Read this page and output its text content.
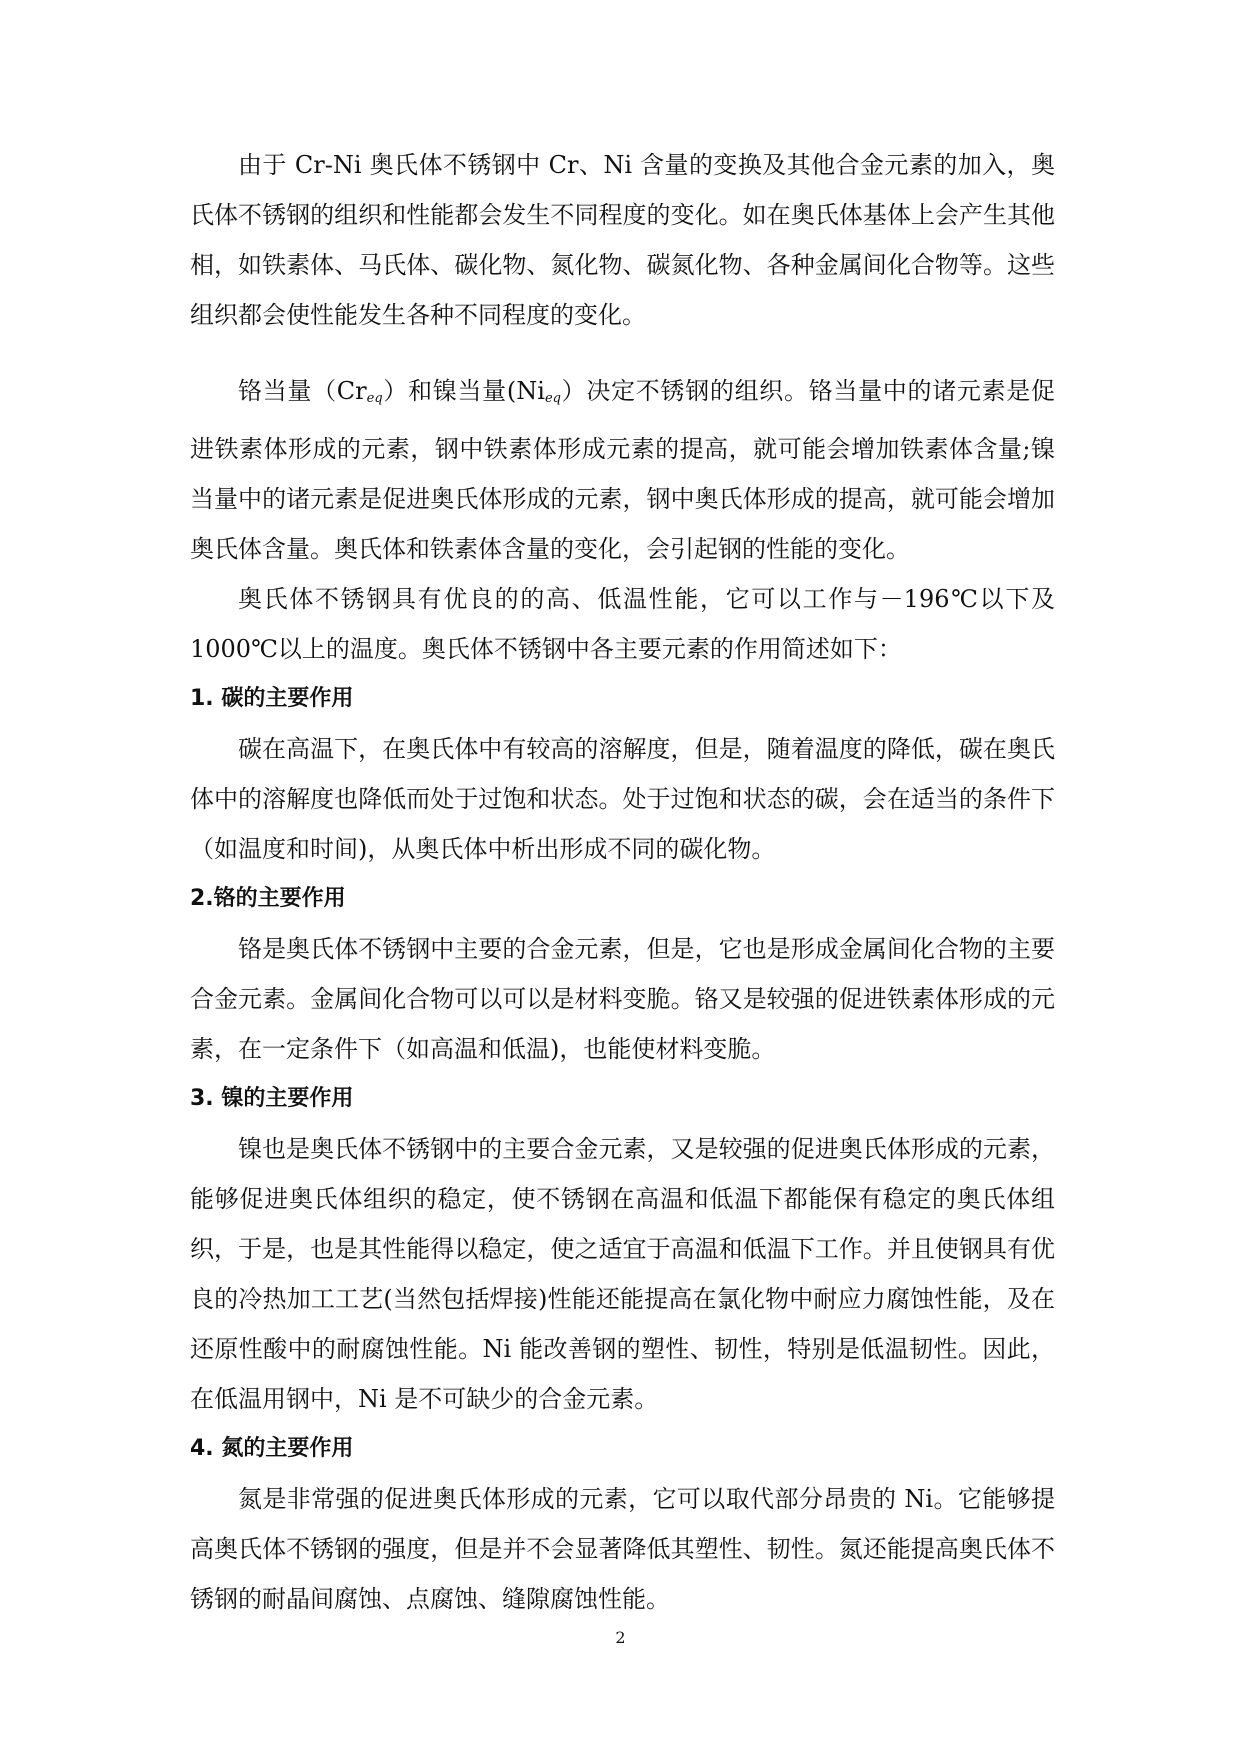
由于 Cr-Ni 奥氏体不锈钢中 Cr、Ni 含量的变换及其他合金元素的加入，奥氏体不锈钢的组织和性能都会发生不同程度的变化。如在奥氏体基体上会产生其他相，如铁素体、马氏体、碳化物、氮化物、碳氮化物、各种金属间化合物等。这些组织都会使性能发生各种不同程度的变化。

铬当量$(Cr_{eq})$和镍当量$(Ni_{eq})$决定不锈钢的组织。铬当量中的诸元素是促进铁素体形成的元素，钢中铁素体形成元素的提高，就可能会增加铁素体含量;镍当量中的诸元素是促进奥氏体形成的元素，钢中奥氏体形成的提高，就可能会增加奥氏体含量。奥氏体和铁素体含量的变化，会引起钢的性能的变化。

奥氏体不锈钢具有优良的的高、低温性能，它可以工作与－196℃以下及 1000℃以上的温度。奥氏体不锈钢中各主要元素的作用简述如下：

1. 碳的主要作用

碳在高温下，在奥氏体中有较高的溶解度，但是，随着温度的降低，碳在奥氏体中的溶解度也降低而处于过饱和状态。处于过饱和状态的碳，会在适当的条件下（如温度和时间)，从奥氏体中析出形成不同的碳化物。

2.铬的主要作用

铬是奥氏体不锈钢中主要的合金元素，但是，它也是形成金属间化合物的主要合金元素。金属间化合物可以可以是材料变脆。铬又是较强的促进铁素体形成的元素，在一定条件下（如高温和低温)，也能使材料变脆。

3. 镍的主要作用

镍也是奥氏体不锈钢中的主要合金元素，又是较强的促进奥氏体形成的元素，能够促进奥氏体组织的稳定，使不锈钢在高温和低温下都能保有稳定的奥氏体组织，于是，也是其性能得以稳定，使之适宜于高温和低温下工作。并且使钢具有优良的冷热加工工艺(当然包括焊接)性能还能提高在氯化物中耐应力腐蚀性能，及在还原性酸中的耐腐蚀性能。Ni 能改善钢的塑性、韧性，特别是低温韧性。因此，在低温用钢中，Ni 是不可缺少的合金元素。

4. 氮的主要作用

氮是非常强的促进奥氏体形成的元素，它可以取代部分昂贵的 Ni。它能够提高奥氏体不锈钢的强度，但是并不会显著降低其塑性、韧性。氮还能提高奥氏体不锈钢的耐晶间腐蚀、点腐蚀、缝隙腐蚀性能。

2
